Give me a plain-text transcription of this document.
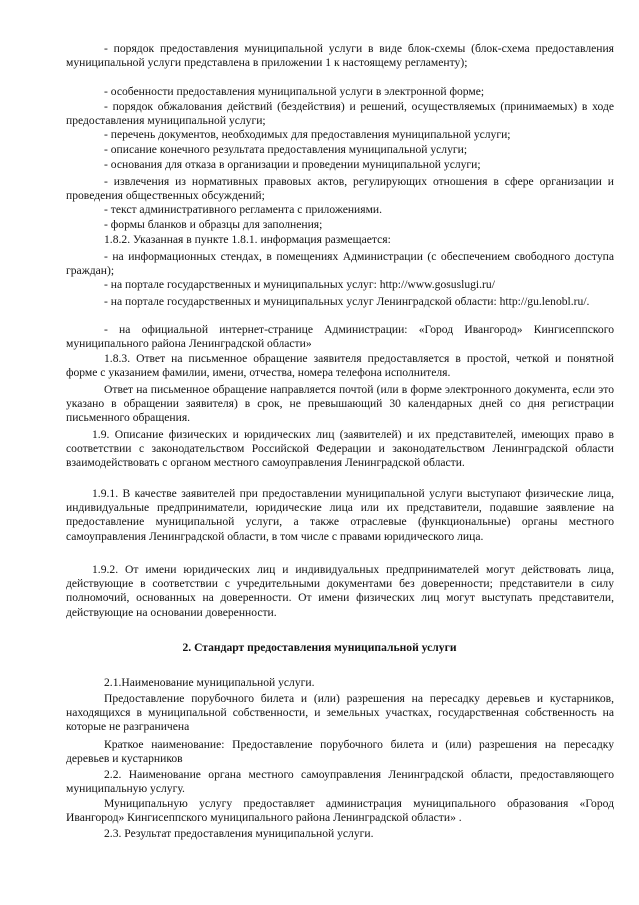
- порядок предоставления муниципальной услуги в виде блок-схемы (блок-схема предоставления муниципальной услуги представлена в приложении 1 к настоящему регламенту);

- особенности предоставления муниципальной услуги в электронной форме;

- порядок обжалования действий (бездействия) и решений, осуществляемых (принимаемых) в ходе предоставления муниципальной услуги;

- перечень документов, необходимых для предоставления муниципальной услуги;

- описание конечного результата предоставления муниципальной услуги;

- основания для отказа в организации и проведении муниципальной услуги;

- извлечения из нормативных правовых актов, регулирующих отношения в сфере организации и проведения общественных обсуждений;

- текст административного регламента с приложениями.

- формы бланков и образцы для заполнения;

1.8.2. Указанная в пункте 1.8.1. информация размещается:

- на информационных стендах, в помещениях Администрации (с обеспечением свободного доступа граждан);

- на портале государственных и муниципальных услуг: http://www.gosuslugi.ru/

- на портале государственных и муниципальных услуг Ленинградской области: http://gu.lenobl.ru/.

- на официальной интернет-странице Администрации: «Город Ивангород» Кингисеппского муниципального района Ленинградской области»

1.8.3. Ответ на письменное обращение заявителя предоставляется в простой, четкой и понятной форме с указанием фамилии, имени, отчества, номера телефона исполнителя.

Ответ на письменное обращение направляется почтой (или в форме электронного документа, если это указано в обращении заявителя) в срок, не превышающий 30 календарных дней со дня регистрации письменного обращения.

1.9. Описание физических и юридических лиц (заявителей) и их представителей, имеющих право в соответствии с законодательством Российской Федерации и законодательством Ленинградской области взаимодействовать с органом местного самоуправления Ленинградской области.

1.9.1. В качестве заявителей при предоставлении муниципальной услуги выступают физические лица, индивидуальные предприниматели, юридические лица или их представители, подавшие заявление на предоставление муниципальной услуги, а также отраслевые (функциональные) органы местного самоуправления Ленинградской области, в том числе с правами юридического лица.

1.9.2. От имени юридических лиц и индивидуальных предпринимателей могут действовать лица, действующие в соответствии с учредительными документами без доверенности; представители в силу полномочий, основанных на доверенности. От имени физических лиц могут выступать представители, действующие на основании доверенности.

2. Стандарт предоставления муниципальной услуги

2.1.Наименование муниципальной услуги.

Предоставление порубочного билета и (или) разрешения на пересадку деревьев и кустарников, находящихся в муниципальной собственности, и земельных участках, государственная собственность на которые не разграничена

Краткое наименование: Предоставление порубочного билета и (или) разрешения на пересадку деревьев и кустарников

2.2. Наименование органа местного самоуправления Ленинградской области, предоставляющего муниципальную услугу.

Муниципальную услугу предоставляет администрация муниципального образования «Город Ивангород» Кингисеппского муниципального района Ленинградской области» .

2.3. Результат предоставления муниципальной услуги.
